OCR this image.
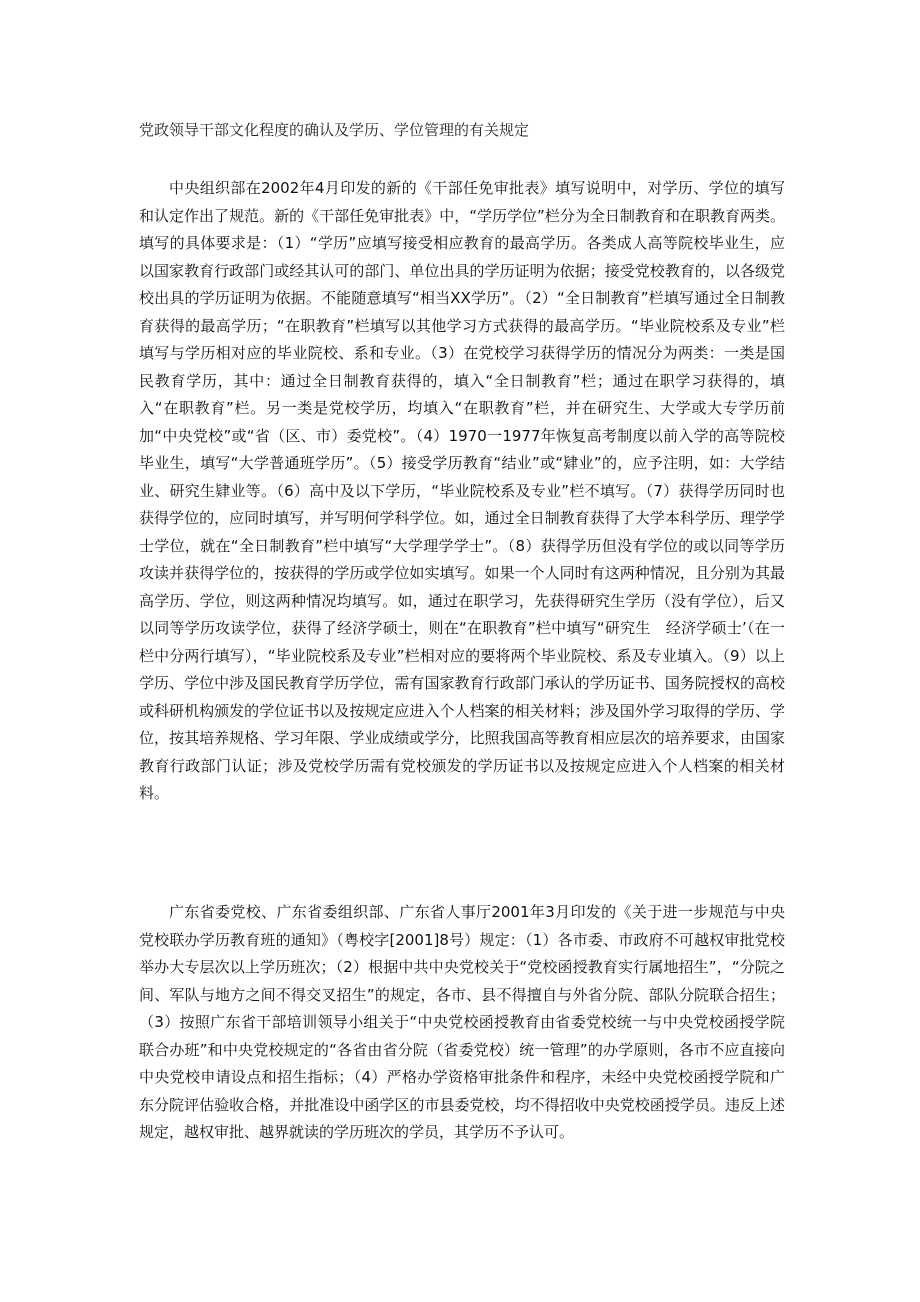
党政领导干部文化程度的确认及学历、学位管理的有关规定

中央组织部在2002年4月印发的新的《干部任免审批表》填写说明中，对学历、学位的填写和认定作出了规范。新的《干部任免审批表》中，“学历学位”栏分为全日制教育和在职教育两类。填写的具体要求是：（1）“学历”应填写接受相应教育的最高学历。各类成人高等院校毕业生，应以国家教育行政部门或经其认可的部门、单位出具的学历证明为依据；接受党校教育的，以各级党校出具的学历证明为依据。不能随意填写“相当XX学历”。（2）“全日制教育”栏填写通过全日制教育获得的最高学历；“在职教育”栏填写以其他学习方式获得的最高学历。“毕业院校系及专业”栏填写与学历相对应的毕业院校、系和专业。（3）在党校学习获得学历的情况分为两类：一类是国民教育学历，其中：通过全日制教育获得的，填入“全日制教育”栏；通过在职学习获得的，填入“在职教育”栏。另一类是党校学历，均填入“在职教育”栏，并在研究生、大学或大专学历前加“中央党校”或“省（区、市）委党校”。（4）1970一1977年恢复高考制度以前入学的高等院校毕业生，填写“大学普通班学历”。（5）接受学历教育“结业”或“肄业”的，应予注明，如：大学结业、研究生肄业等。（6）高中及以下学历，“毕业院校系及专业”栏不填写。（7）获得学历同时也获得学位的，应同时填写，并写明何学科学位。如，通过全日制教育获得了大学本科学历、理学学士学位，就在“全日制教育”栏中填写“大学理学学士”。（8）获得学历但没有学位的或以同等学历攻读并获得学位的，按获得的学历或学位如实填写。如果一个人同时有这两种情况，且分别为其最高学历、学位，则这两种情况均填写。如，通过在职学习，先获得研究生学历（没有学位），后又以同等学历攻读学位，获得了经济学硕士，则在“在职教育”栏中填写“研究生　经济学硕士’（在一栏中分两行填写），“毕业院校系及专业”栏相对应的要将两个毕业院校、系及专业填入。（9）以上学历、学位中涉及国民教育学历学位，需有国家教育行政部门承认的学历证书、国务院授权的高校或科研机构颁发的学位证书以及按规定应进入个人档案的相关材料；涉及国外学习取得的学历、学位，按其培养规格、学习年限、学业成绩或学分，比照我国高等教育相应层次的培养要求，由国家教育行政部门认证；涉及党校学历需有党校颁发的学历证书以及按规定应进入个人档案的相关材料。

广东省委党校、广东省委组织部、广东省人事厅2001年3月印发的《关于进一步规范与中央党校联办学历教育班的通知》（粤校字[2001]8号）规定：（1）各市委、市政府不可越权审批党校举办大专层次以上学历班次；（2）根据中共中央党校关于“党校函授教育实行属地招生”，“分院之间、军队与地方之间不得交叉招生”的规定，各市、县不得擅自与外省分院、部队分院联合招生；（3）按照广东省干部培训领导小组关于“中央党校函授教育由省委党校统一与中央党校函授学院联合办班”和中央党校规定的“各省由省分院（省委党校）统一管理”的办学原则，各市不应直接向中央党校申请设点和招生指标；（4）严格办学资格审批条件和程序，未经中央党校函授学院和广东分院评估验收合格，并批准设中函学区的市县委党校，均不得招收中央党校函授学员。违反上述规定，越权审批、越界就读的学历班次的学员，其学历不予认可。
